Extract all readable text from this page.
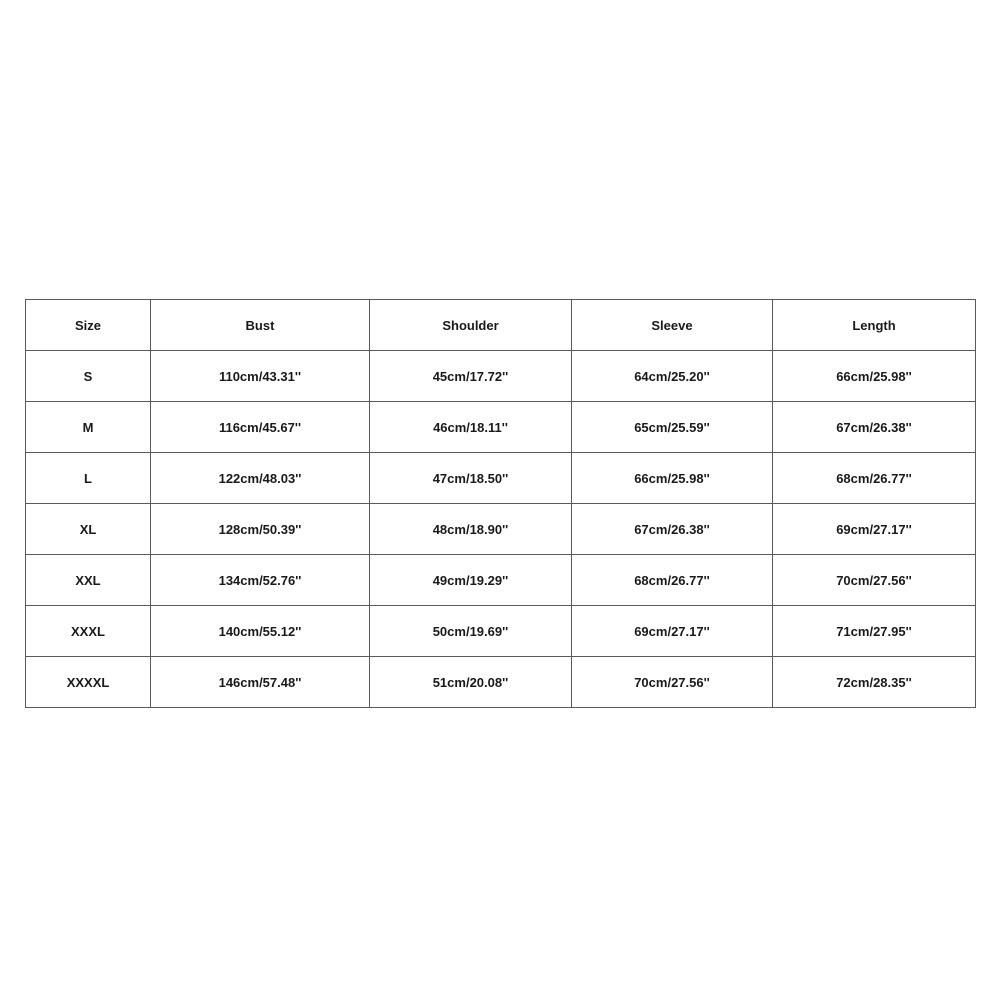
Size	Bust	Shoulder	Sleeve	Length
S	110cm/43.31''	45cm/17.72''	64cm/25.20''	66cm/25.98''
M	116cm/45.67''	46cm/18.11''	65cm/25.59''	67cm/26.38''
L	122cm/48.03''	47cm/18.50''	66cm/25.98''	68cm/26.77''
XL	128cm/50.39''	48cm/18.90''	67cm/26.38''	69cm/27.17''
XXL	134cm/52.76''	49cm/19.29''	68cm/26.77''	70cm/27.56''
XXXL	140cm/55.12''	50cm/19.69''	69cm/27.17''	71cm/27.95''
XXXXL	146cm/57.48''	51cm/20.08''	70cm/27.56''	72cm/28.35''
